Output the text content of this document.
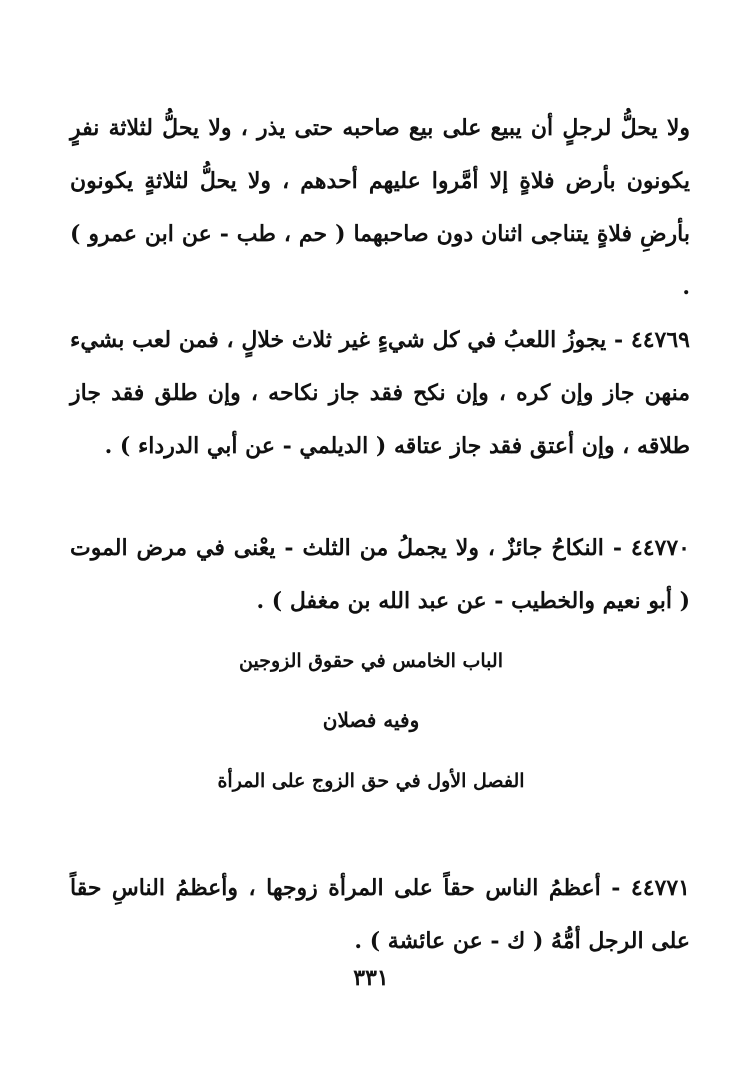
ولا يحلُّ لرجلٍ أن يبيع على بيع صاحبه حتى يذر ، ولا يحلُّ لثلاثة نفرٍ يكونون بأرض فلاةٍ إلا أمَّروا عليهم أحدهم ، ولا يحلُّ لثلاثةٍ يكونون بأرضِ فلاةٍ يتناجى اثنان دون صاحبهما ( حم ، طب - عن ابن عمرو ) .

٤٤٧٦٩ - يجوزُ اللعبُ في كل شيءٍ غير ثلاث خلالٍ ، فمن لعب بشيء منهن جاز وإن كره ، وإن نكح فقد جاز نكاحه ، وإن طلق فقد جاز طلاقه ، وإن أعتق فقد جاز عتاقه ( الديلمي - عن أبي الدرداء ) .

٤٤٧٧٠ - النكاحُ جائزٌ ، ولا يجملُ من الثلث - يعْنى في مرض الموت ( أبو نعيم والخطيب - عن عبد الله بن مغفل ) .

الباب الخامس في حقوق الزوجين
وفيه فصلان
الفصل الأول في حق الزوج على المرأة

٤٤٧٧١ - أعظمُ الناس حقاً على المرأة زوجها ، وأعظمُ الناسِ حقاً على الرجل أمُّهُ ( ك - عن عائشة ) .

٣٣١
